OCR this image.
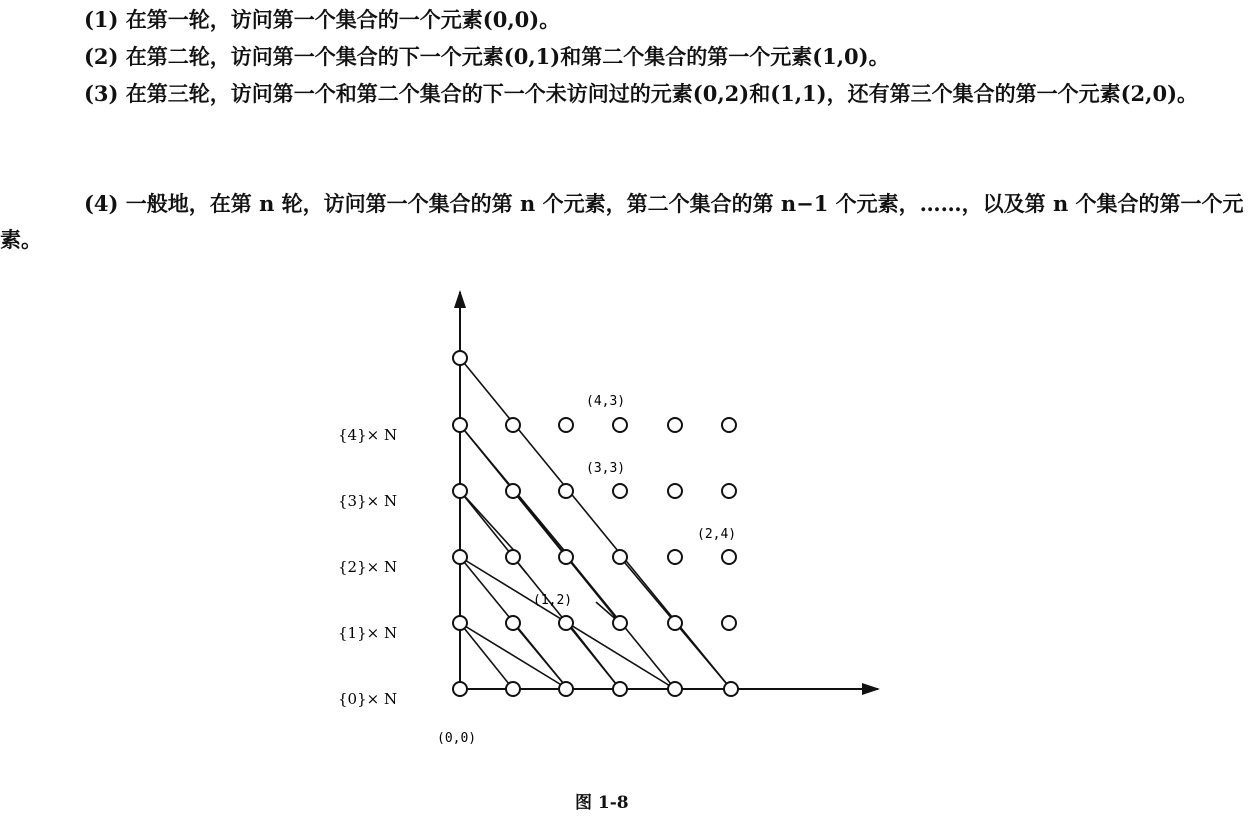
(1) 在第一轮，访问第一个集合的一个元素(0,0)。
(2) 在第二轮，访问第一个集合的下一个元素(0,1)和第二个集合的第一个元素(1,0)。
(3) 在第三轮，访问第一个和第二个集合的下一个未访问过的元素(0,2)和(1,1)，还有第三个集合的第一个元素(2,0)。
(4) 一般地，在第 n 轮，访问第一个集合的第 n 个元素，第二个集合的第 n−1 个元素，……，以及第 n 个集合的第一个元素。
{4}× N
{3}× N
{2}× N
{1}× N
{0}× N
(4,3)
(3,3)
(2,4)
(1,2)
(0,0)
图 1-8
